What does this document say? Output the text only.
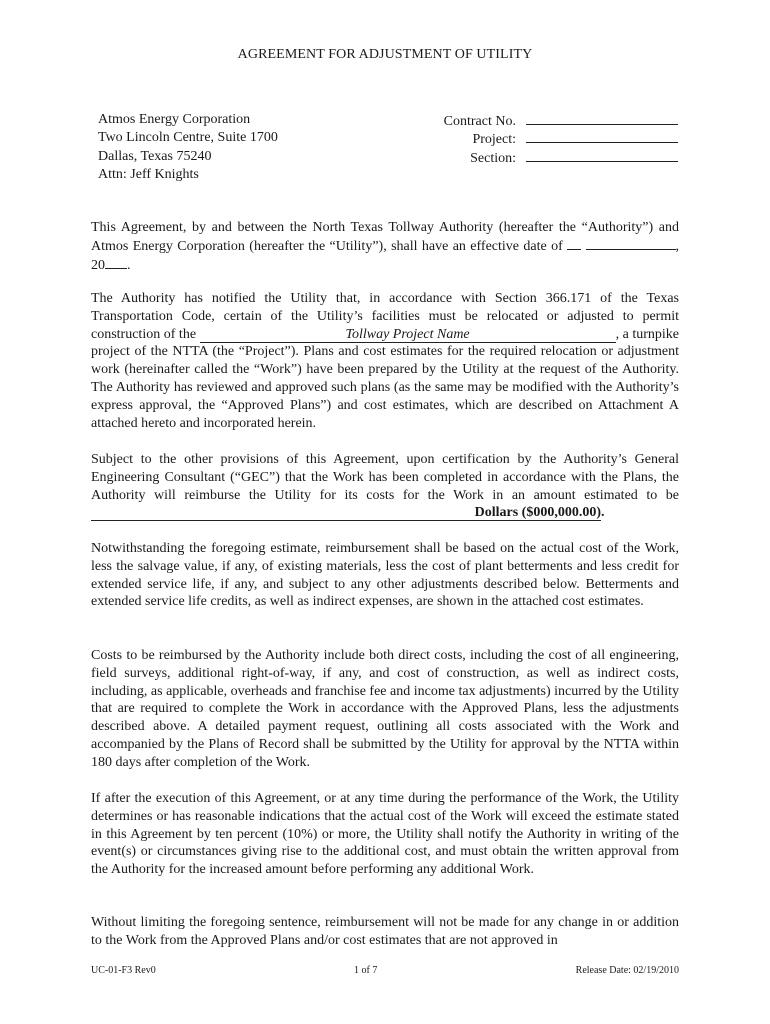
AGREEMENT FOR ADJUSTMENT OF UTILITY
Atmos Energy Corporation
Two Lincoln Centre, Suite 1700
Dallas, Texas 75240
Attn: Jeff Knights
Contract No.
Project:
Section:

This Agreement, by and between the North Texas Tollway Authority (hereafter the “Authority”) and Atmos Energy Corporation (hereafter the “Utility”), shall have an effective date of	, 20 .

The Authority has notified the Utility that, in accordance with Section 366.171 of the Texas Transportation Code, certain of the Utility’s facilities must be relocated or adjusted to permit construction of the	Tollway Project Name	, a turnpike project of the NTTA (the “Project”). Plans and cost estimates for the required relocation or adjustment work (hereinafter called the “Work”) have been prepared by the Utility at the request of the Authority. The Authority has reviewed and approved such plans (as the same may be modified with the Authority’s express approval, the “Approved Plans”) and cost estimates, which are described on Attachment A attached hereto and incorporated herein.

Subject to the other provisions of this Agreement, upon certification by the Authority’s General Engineering Consultant (“GEC”) that the Work has been completed in accordance with the Plans, the Authority will reimburse the Utility for its costs for the Work in an amount estimated to be Dollars ($000,000.00).

Notwithstanding the foregoing estimate, reimbursement shall be based on the actual cost of the Work, less the salvage value, if any, of existing materials, less the cost of plant betterments and less credit for extended service life, if any, and subject to any other adjustments described below. Betterments and extended service life credits, as well as indirect expenses, are shown in the attached cost estimates.

Costs to be reimbursed by the Authority include both direct costs, including the cost of all engineering, field surveys, additional right-of-way, if any, and cost of construction, as well as indirect costs, including, as applicable, overheads and franchise fee and income tax adjustments) incurred by the Utility that are required to complete the Work in accordance with the Approved Plans, less the adjustments described above. A detailed payment request, outlining all costs associated with the Work and accompanied by the Plans of Record shall be submitted by the Utility for approval by the NTTA within 180 days after completion of the Work.

If after the execution of this Agreement, or at any time during the performance of the Work, the Utility determines or has reasonable indications that the actual cost of the Work will exceed the estimate stated in this Agreement by ten percent (10%) or more, the Utility shall notify the Authority in writing of the event(s) or circumstances giving rise to the additional cost, and must obtain the written approval from the Authority for the increased amount before performing any additional Work.

Without limiting the foregoing sentence, reimbursement will not be made for any change in or addition to the Work from the Approved Plans and/or cost estimates that are not approved in

UC-01-F3 Rev0	1 of 7	Release Date: 02/19/2010
